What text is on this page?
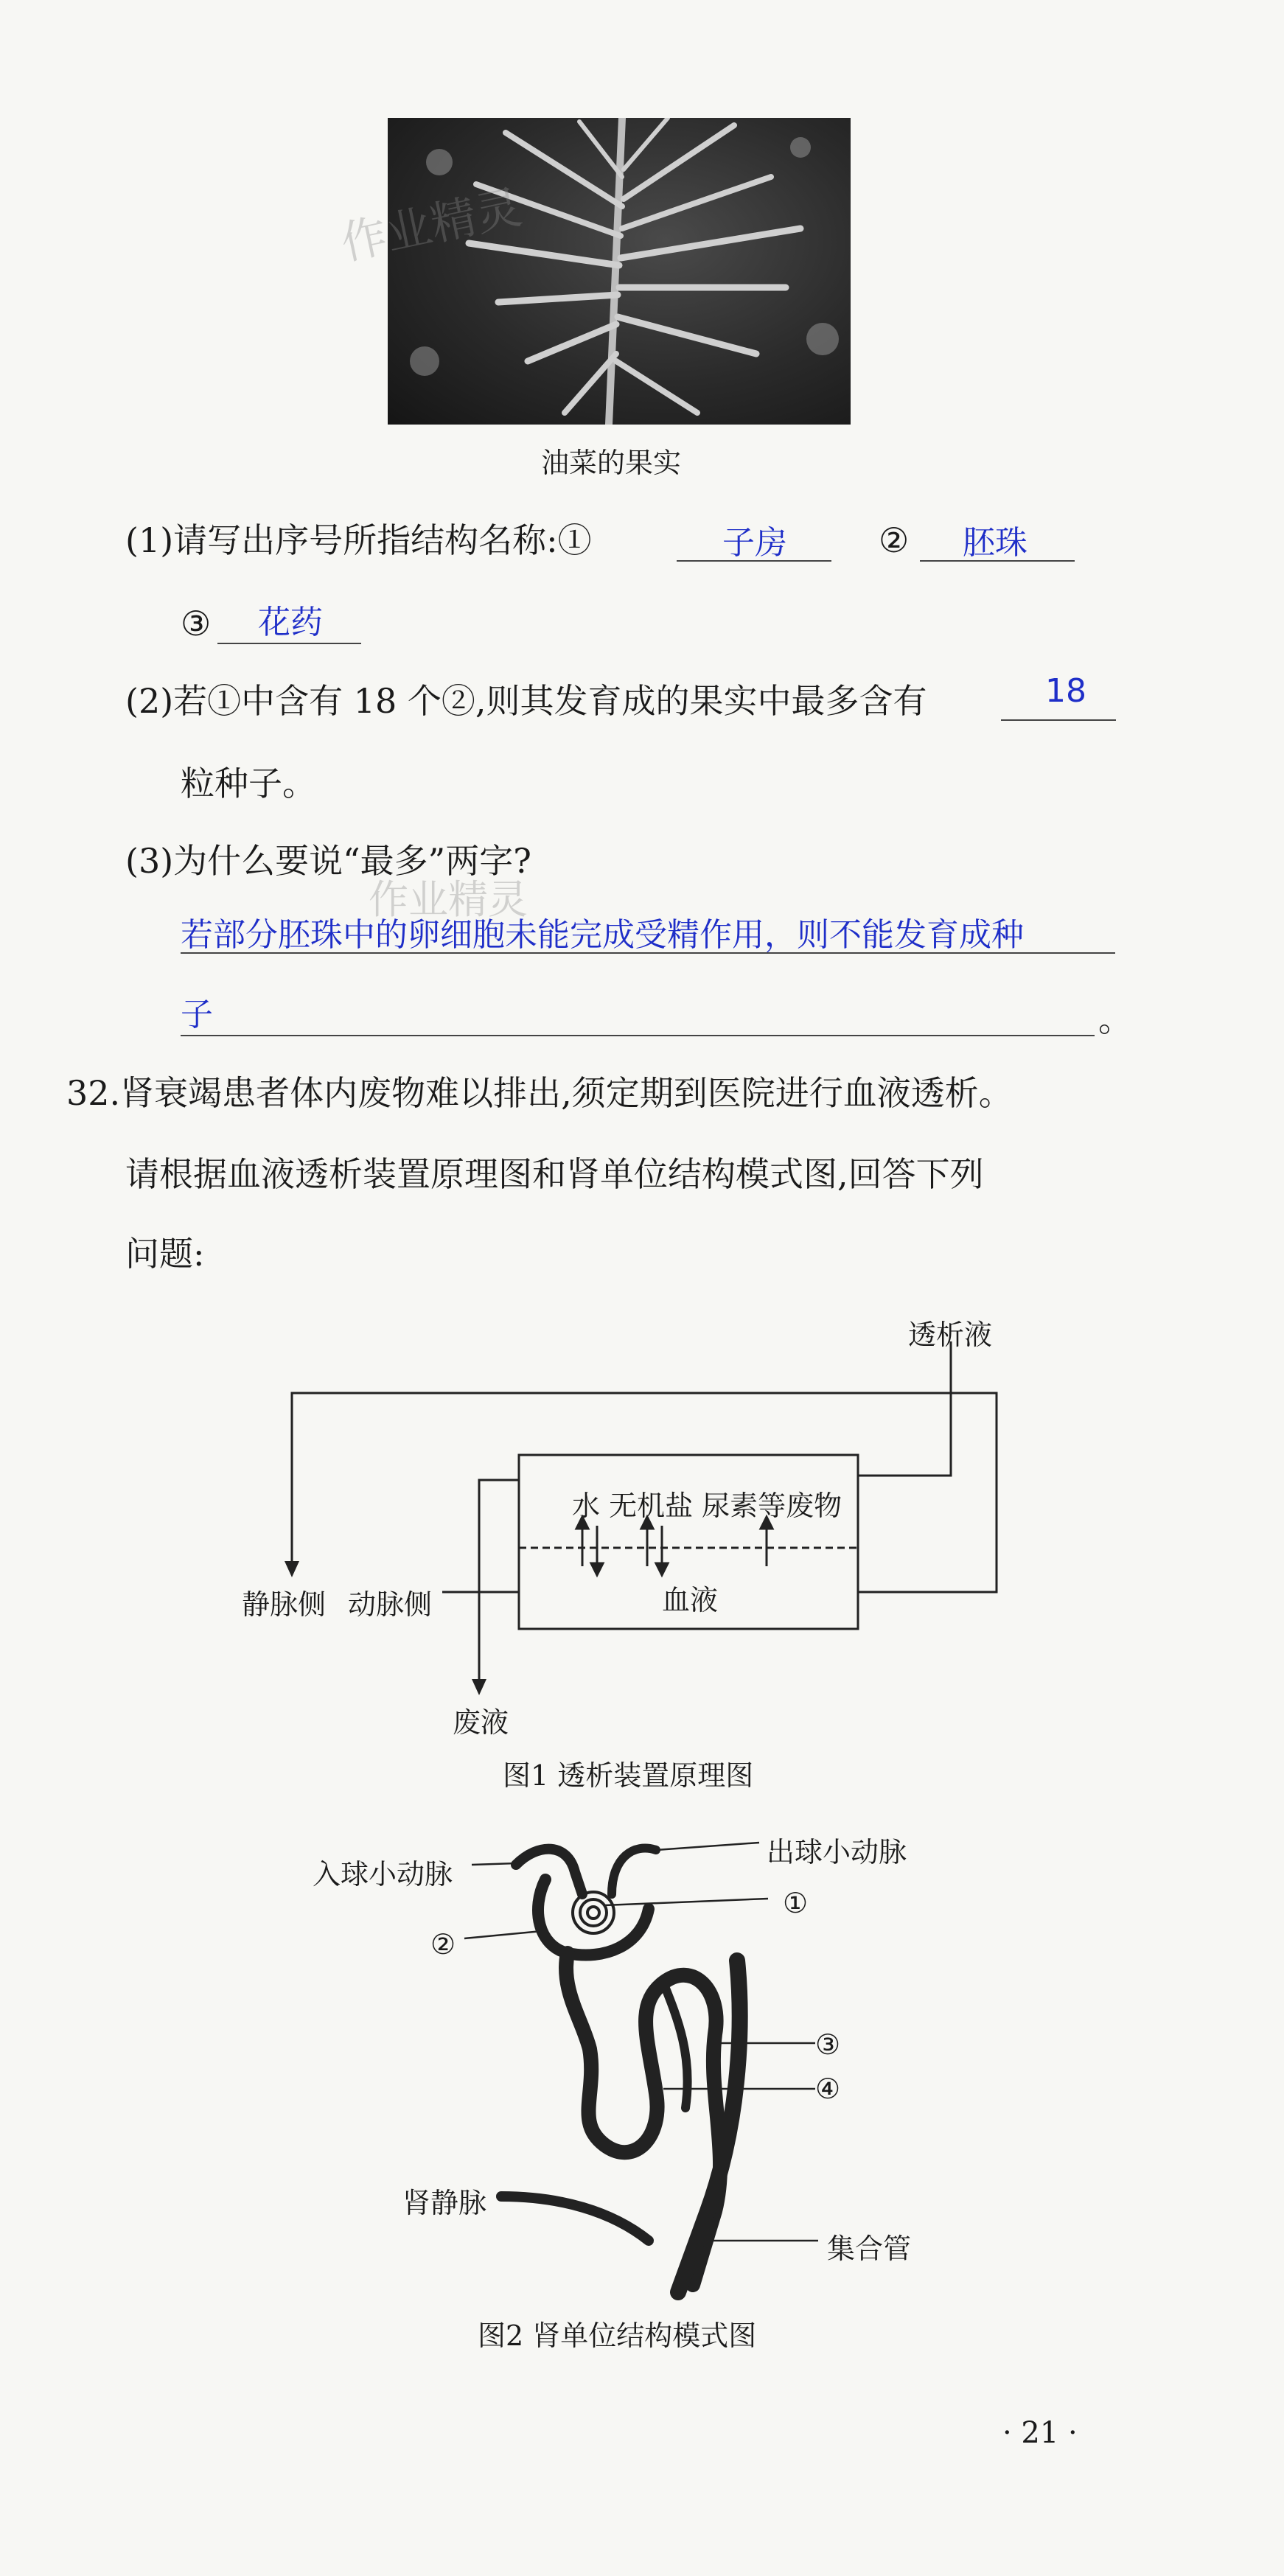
油菜的果实
作业精灵
(1)请写出序号所指结构名称:①	子房	② 胚珠
③ 花药
(2)若①中含有 18 个②,则其发育成的果实中最多含有	18
粒种子。
(3)为什么要说“最多”两字?
作业精灵
若部分胚珠中的卵细胞未能完成受精作用，则不能发育成种
子	。
32.肾衰竭患者体内废物难以排出,须定期到医院进行血液透析。
请根据血液透析装置原理图和肾单位结构模式图,回答下列
问题:
透析液
水 无机盐 尿素等废物
血液
静脉侧 动脉侧
废液
图1 透析装置原理图
入球小动脉
出球小动脉
①
②
③
④
肾静脉
集合管
图2 肾单位结构模式图
· 21 ·
